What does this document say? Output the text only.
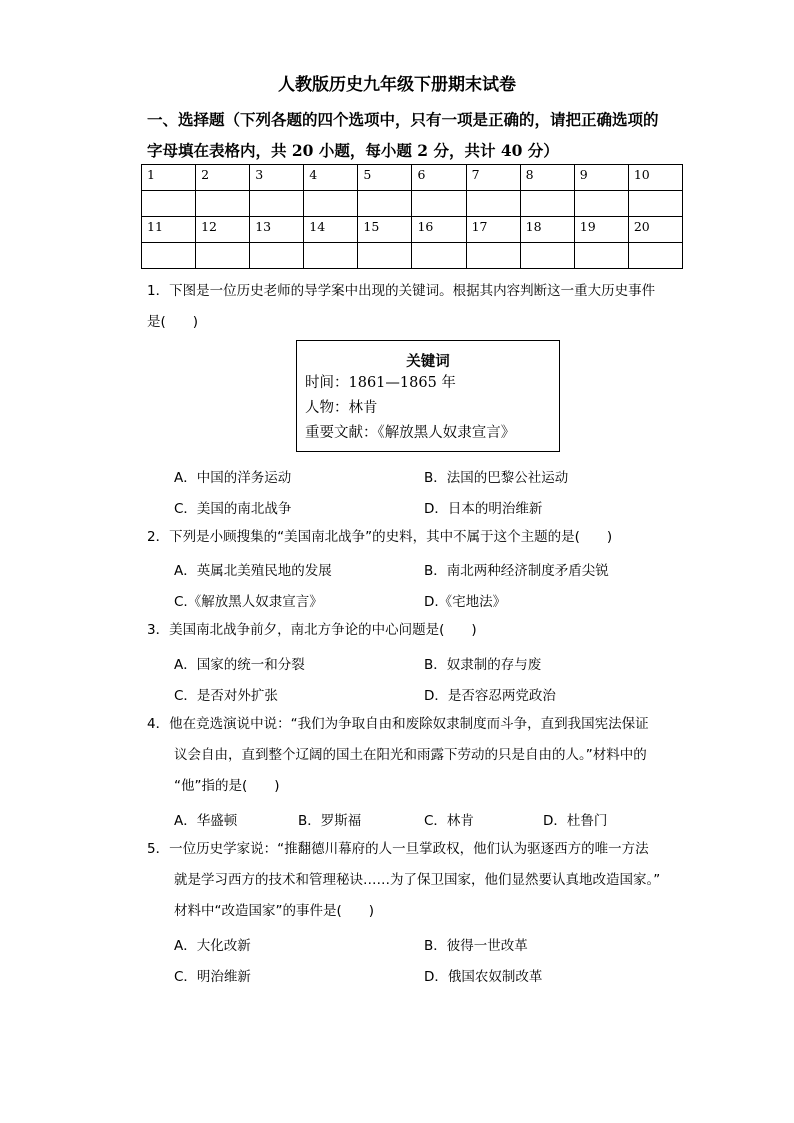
人教版历史九年级下册期末试卷
一、选择题（下列各题的四个选项中，只有一项是正确的，请把正确选项的
字母填在表格内，共 20 小题，每小题 2 分，共计 40 分）
1	2	3	4	5	6	7	8	9	10

11	12	13	14	15	16	17	18	19	20

1．下图是一位历史老师的导学案中出现的关键词。根据其内容判断这一重大历史事件
是(　　)
关键词
时间：1861—1865 年
人物：林肯
重要文献：《解放黑人奴隶宣言》
A．中国的洋务运动	B．法国的巴黎公社运动
C．美国的南北战争	D．日本的明治维新
2．下列是小顾搜集的“美国南北战争”的史料，其中不属于这个主题的是(　　)
A．英属北美殖民地的发展	B．南北两种经济制度矛盾尖锐
C.《解放黑人奴隶宣言》	D.《宅地法》
3．美国南北战争前夕，南北方争论的中心问题是(　　)
A．国家的统一和分裂	B．奴隶制的存与废
C．是否对外扩张	D．是否容忍两党政治
4．他在竞选演说中说：“我们为争取自由和废除奴隶制度而斗争，直到我国宪法保证
议会自由，直到整个辽阔的国土在阳光和雨露下劳动的只是自由的人。”材料中的
“他”指的是(　　)
A．华盛顿	B．罗斯福	C．林肯	D．杜鲁门
5．一位历史学家说：“推翻德川幕府的人一旦掌政权，他们认为驱逐西方的唯一方法
就是学习西方的技术和管理秘诀……为了保卫国家，他们显然要认真地改造国家。”
材料中“改造国家”的事件是(　　)
A．大化改新	B．彼得一世改革
C．明治维新	D．俄国农奴制改革
